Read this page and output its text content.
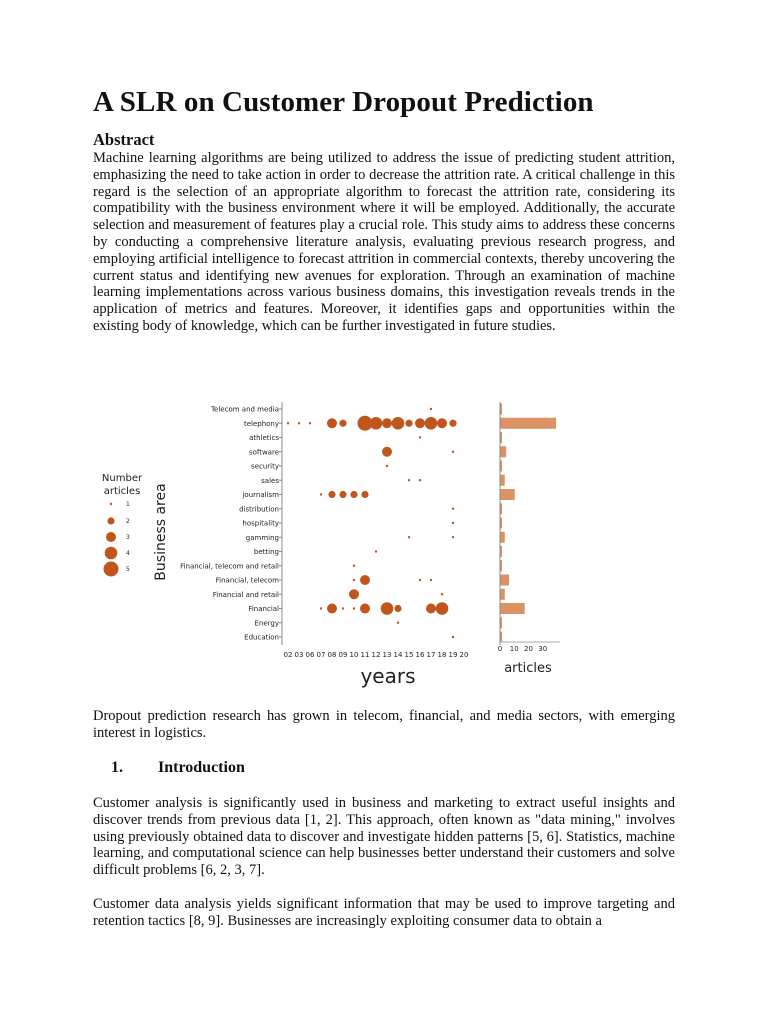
A SLR on Customer Dropout Prediction
Abstract

Machine learning algorithms are being utilized to address the issue of predicting student attrition, emphasizing the need to take action in order to decrease the attrition rate. A critical challenge in this regard is the selection of an appropriate algorithm to forecast the attrition rate, considering its compatibility with the business environment where it will be employed. Additionally, the accurate selection and measurement of features play a crucial role. This study aims to address these concerns by conducting a comprehensive literature analysis, evaluating previous research progress, and employing artificial intelligence to forecast attrition in commercial contexts, thereby uncovering the current status and identifying new avenues for exploration. Through an examination of machine learning implementations across various business domains, this investigation reveals trends in the application of metrics and features. Moreover, it identifies gaps and opportunities within the existing body of knowledge, which can be further investigated in future studies.

Telecom and media
telephony
athletics
software
security
sales
journalism
distribution
hospitality
gamming
betting
Financial, telecom and retail
Financial, telecom
Financial and retail
Financial
Energy
Education
02 03 06 07 08 09 10 11 12 13 14 15 16 17 18 19 20
1
2
3
4
5
0 10 20 30
Business area
years	articles
Number
articles

Dropout prediction research has grown in telecom, financial, and media sectors, with emerging interest in logistics.

1. Introduction

Customer analysis is significantly used in business and marketing to extract useful insights and discover trends from previous data [1, 2]. This approach, often known as "data mining," involves using previously obtained data to discover and investigate hidden patterns [5, 6]. Statistics, machine learning, and computational science can help businesses better understand their customers and solve difficult problems [6, 2, 3, 7].

Customer data analysis yields significant information that may be used to improve targeting and retention tactics [8, 9]. Businesses are increasingly exploiting consumer data to obtain a
